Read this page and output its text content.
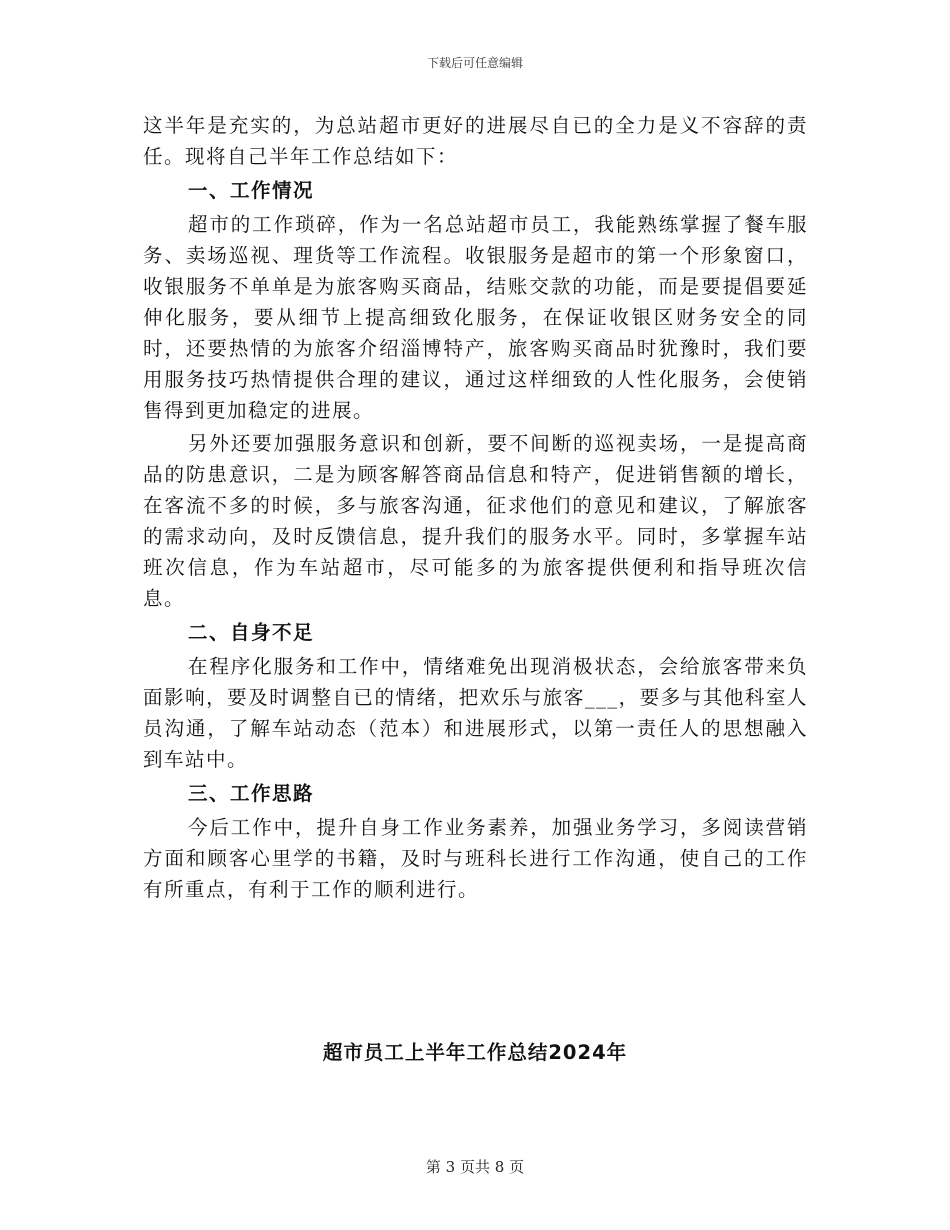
下载后可任意编辑

这半年是充实的，为总站超市更好的进展尽自已的全力是义不容辞的责任。现将自己半年工作总结如下：

一、工作情况

超市的工作琐碎，作为一名总站超市员工，我能熟练掌握了餐车服务、卖场巡视、理货等工作流程。收银服务是超市的第一个形象窗口，收银服务不单单是为旅客购买商品，结账交款的功能，而是要提倡要延伸化服务，要从细节上提高细致化服务，在保证收银区财务安全的同时，还要热情的为旅客介绍淄博特产，旅客购买商品时犹豫时，我们要用服务技巧热情提供合理的建议，通过这样细致的人性化服务，会使销售得到更加稳定的进展。

另外还要加强服务意识和创新，要不间断的巡视卖场，一是提高商品的防患意识，二是为顾客解答商品信息和特产，促进销售额的增长，在客流不多的时候，多与旅客沟通，征求他们的意见和建议，了解旅客的需求动向，及时反馈信息，提升我们的服务水平。同时，多掌握车站班次信息，作为车站超市，尽可能多的为旅客提供便利和指导班次信息。

二、自身不足

在程序化服务和工作中，情绪难免出现消极状态，会给旅客带来负面影响，要及时调整自已的情绪，把欢乐与旅客___，要多与其他科室人员沟通，了解车站动态（范本）和进展形式，以第一责任人的思想融入到车站中。

三、工作思路

今后工作中，提升自身工作业务素养，加强业务学习，多阅读营销方面和顾客心里学的书籍，及时与班科长进行工作沟通，使自己的工作有所重点，有利于工作的顺利进行。

超市员工上半年工作总结2024年
第 3 页共 8 页
